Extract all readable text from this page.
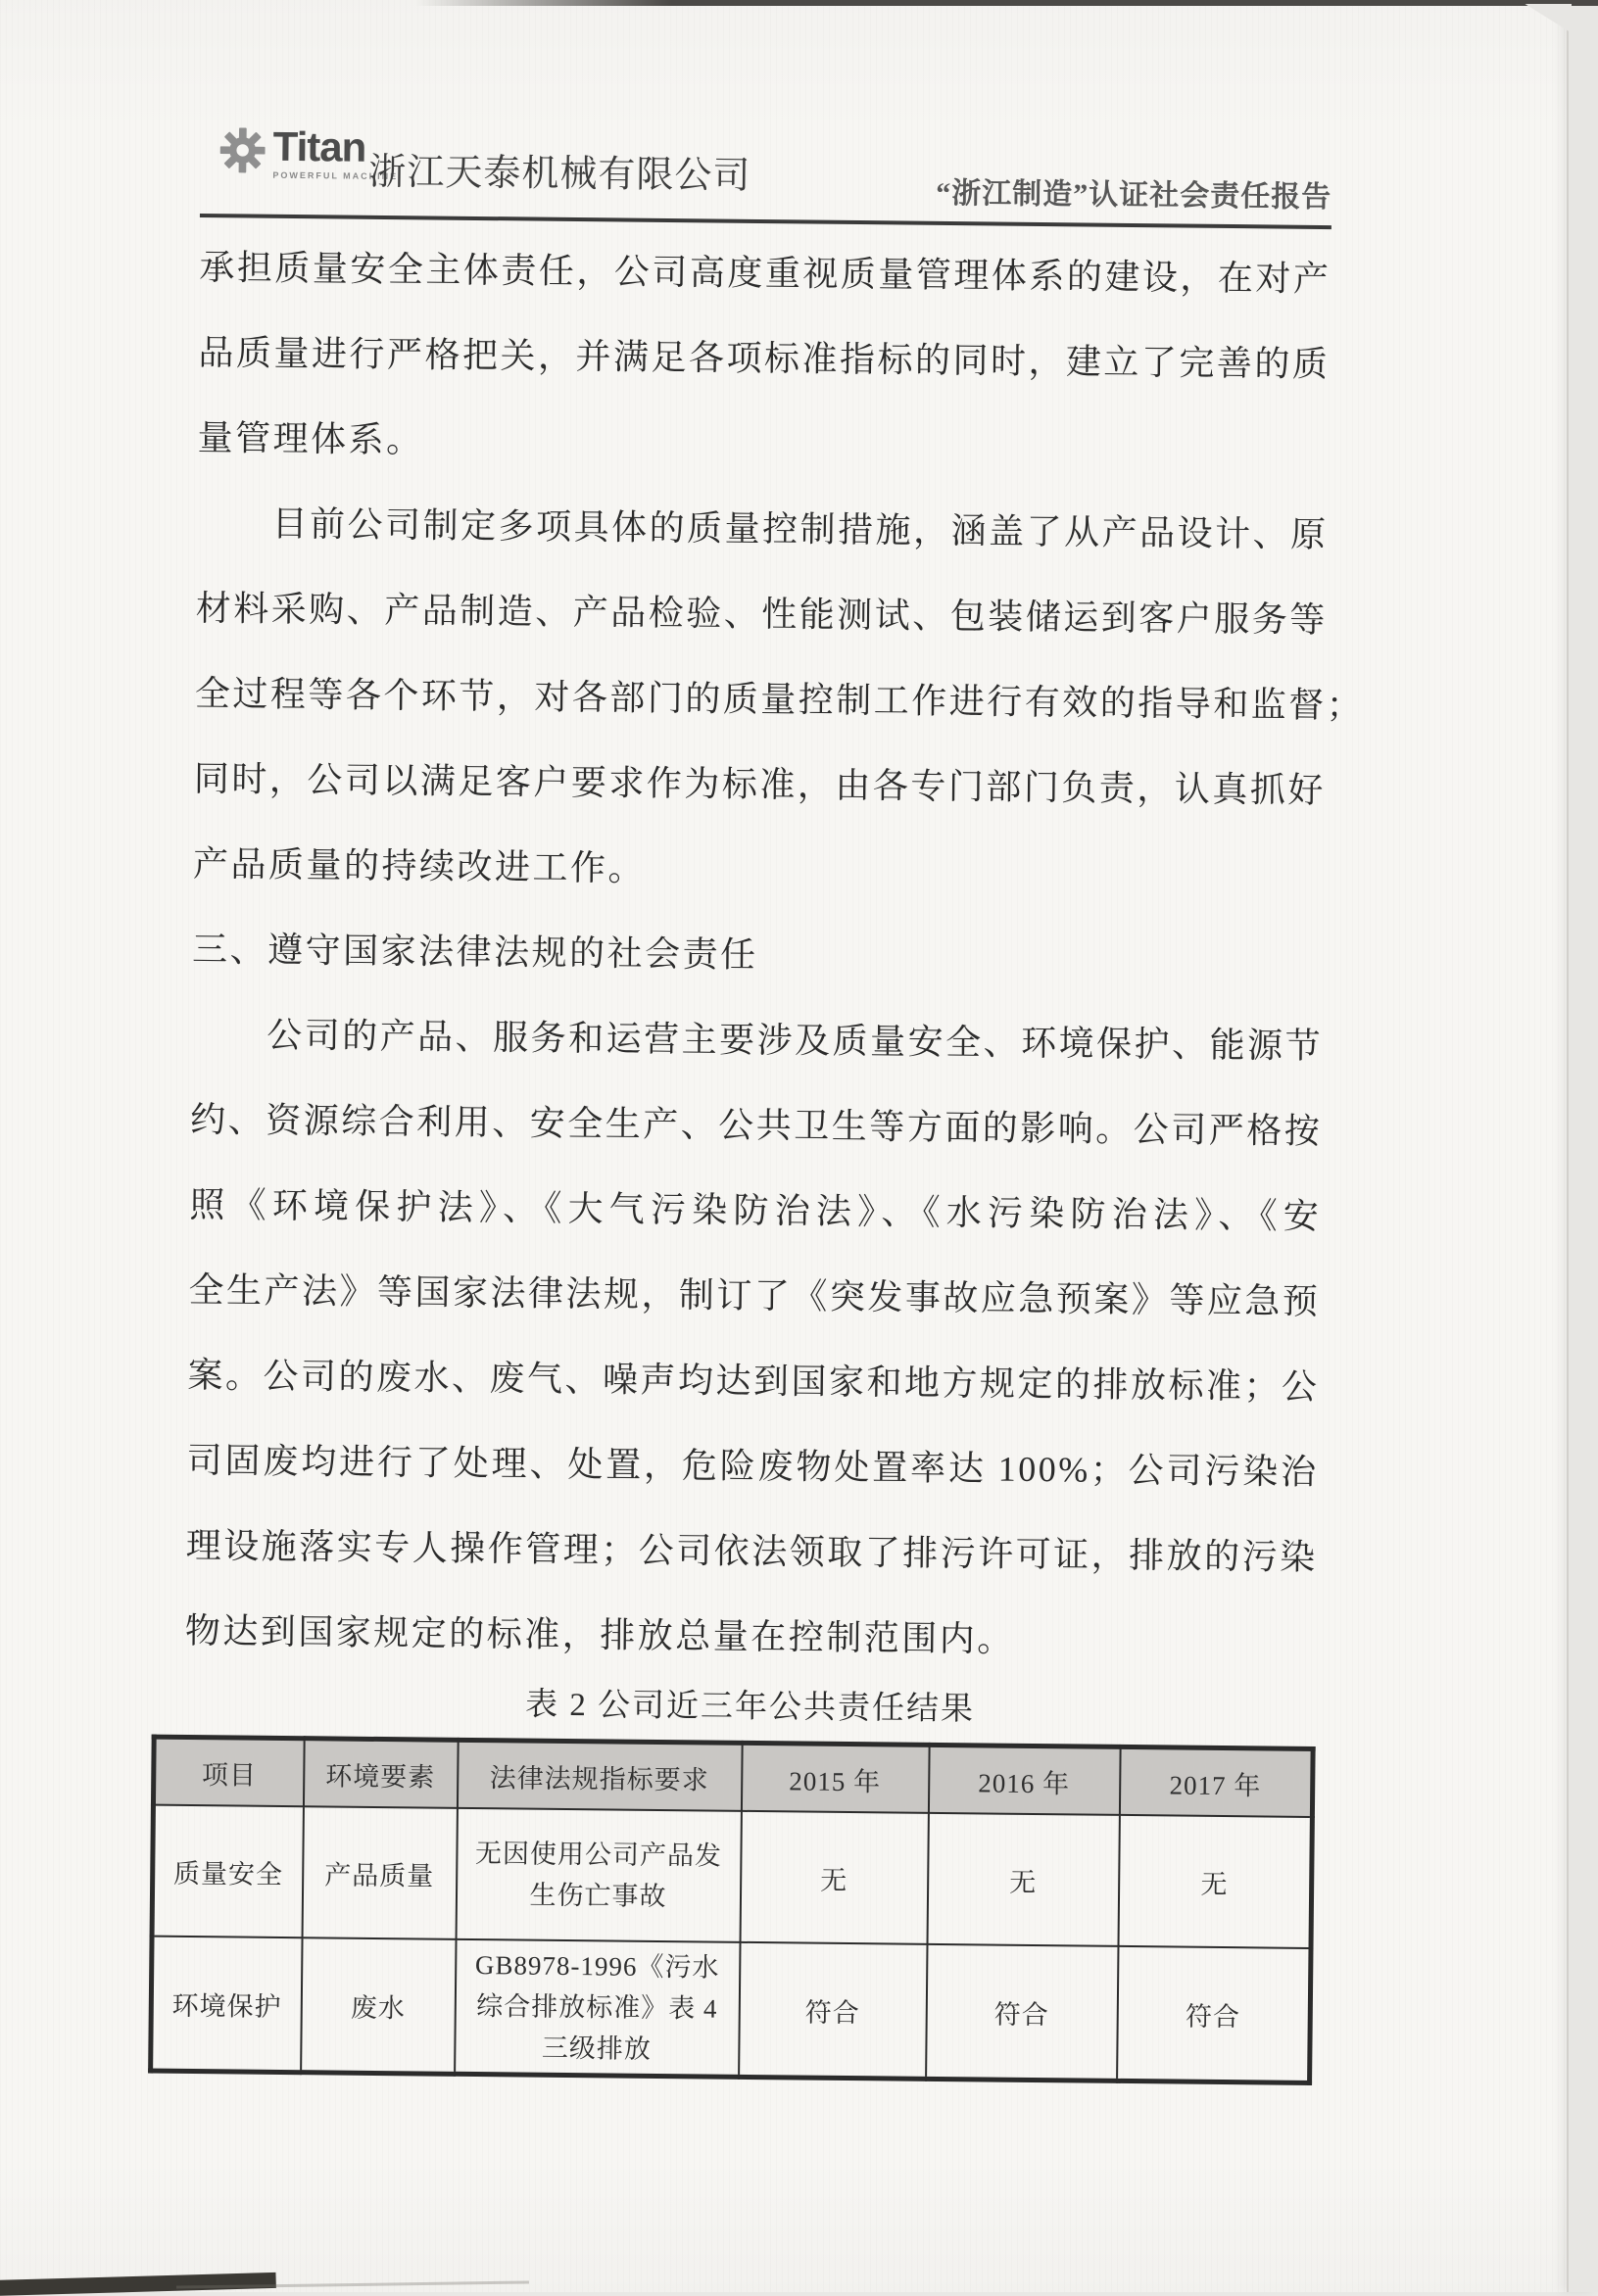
Titan
POWERFUL MACHINE
浙江天泰机械有限公司	“浙江制造”认证社会责任报告
承担质量安全主体责任，公司高度重视质量管理体系的建设，在对产
品质量进行严格把关，并满足各项标准指标的同时，建立了完善的质
量管理体系。
目前公司制定多项具体的质量控制措施，涵盖了从产品设计、原
材料采购、产品制造、产品检验、性能测试、包装储运到客户服务等
全过程等各个环节，对各部门的质量控制工作进行有效的指导和监督；
同时，公司以满足客户要求作为标准，由各专门部门负责，认真抓好
产品质量的持续改进工作。
三、遵守国家法律法规的社会责任
公司的产品、服务和运营主要涉及质量安全、环境保护、能源节
约、资源综合利用、安全生产、公共卫生等方面的影响。公司严格按
照《环境保护法》、《大气污染防治法》、《水污染防治法》、《安
全生产法》等国家法律法规，制订了《突发事故应急预案》等应急预
案。公司的废水、废气、噪声均达到国家和地方规定的排放标准；公
司固废均进行了处理、处置，危险废物处置率达 100%；公司污染治
理设施落实专人操作管理；公司依法领取了排污许可证，排放的污染
物达到国家规定的标准，排放总量在控制范围内。
表 2 公司近三年公共责任结果
项目	环境要素	法律法规指标要求	2015 年	2016 年	2017 年
质量安全	产品质量	无因使用公司产品发生伤亡事故	无	无	无
环境保护	废水	GB8978-1996《污水综合排放标准》表 4 三级排放	符合	符合	符合
